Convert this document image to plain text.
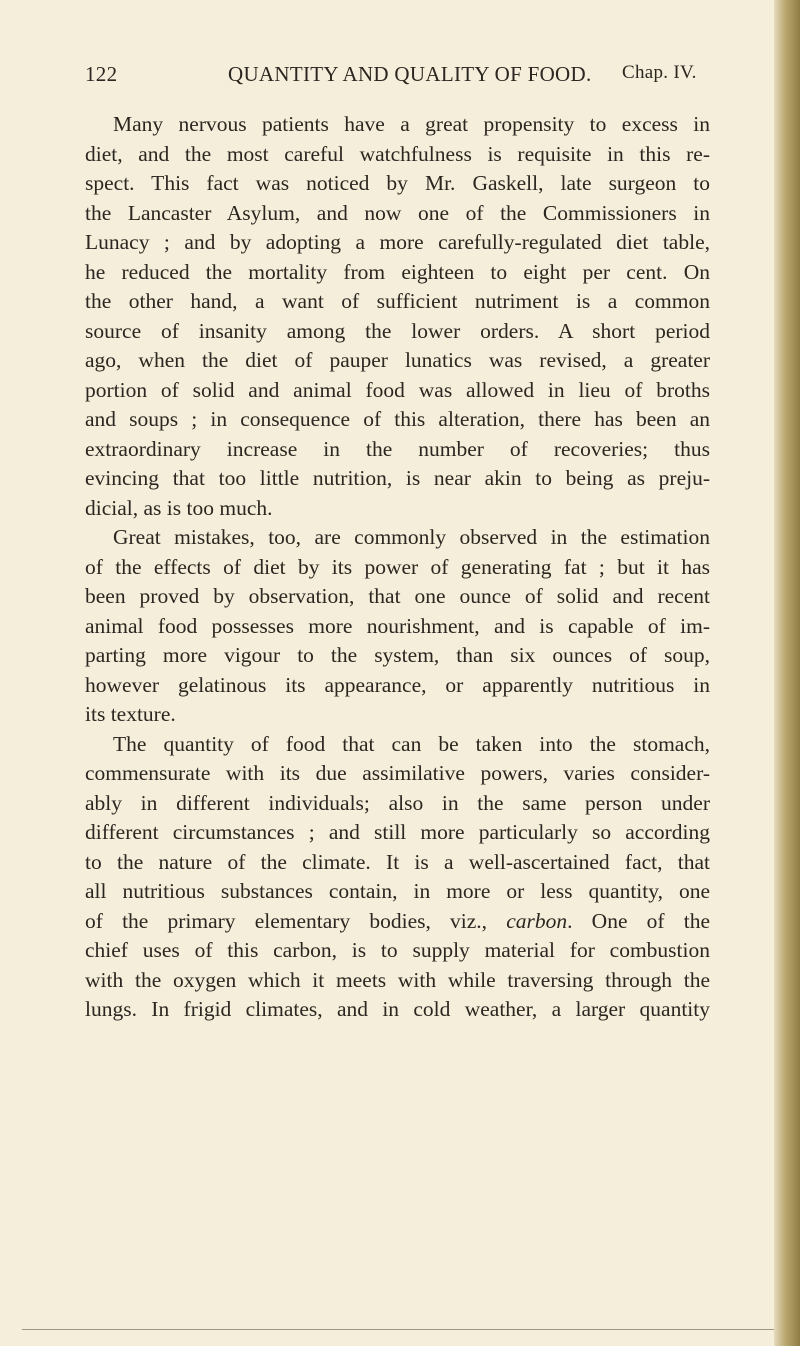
122	QUANTITY AND QUALITY OF FOOD. Chap. IV.
Many nervous patients have a great propensity to excess in
diet, and the most careful watchfulness is requisite in this re-
spect. This fact was noticed by Mr. Gaskell, late surgeon to
the Lancaster Asylum, and now one of the Commissioners in
Lunacy ; and by adopting a more carefully-regulated diet table,
he reduced the mortality from eighteen to eight per cent. On
the other hand, a want of sufficient nutriment is a common
source of insanity among the lower orders. A short period
ago, when the diet of pauper lunatics was revised, a greater
portion of solid and animal food was allowed in lieu of broths
and soups ; in consequence of this alteration, there has been an
extraordinary increase in the number of recoveries; thus
evincing that too little nutrition, is near akin to being as preju-
dicial, as is too much.
Great mistakes, too, are commonly observed in the estimation
of the effects of diet by its power of generating fat ; but it has
been proved by observation, that one ounce of solid and recent
animal food possesses more nourishment, and is capable of im-
parting more vigour to the system, than six ounces of soup,
however gelatinous its appearance, or apparently nutritious in
its texture.
The quantity of food that can be taken into the stomach,
commensurate with its due assimilative powers, varies consider-
ably in different individuals; also in the same person under
different circumstances ; and still more particularly so according
to the nature of the climate. It is a well-ascertained fact, that
all nutritious substances contain, in more or less quantity, one
of the primary elementary bodies, viz., carbon. One of the
chief uses of this carbon, is to supply material for combustion
with the oxygen which it meets with while traversing through the
lungs. In frigid climates, and in cold weather, a larger quantity
